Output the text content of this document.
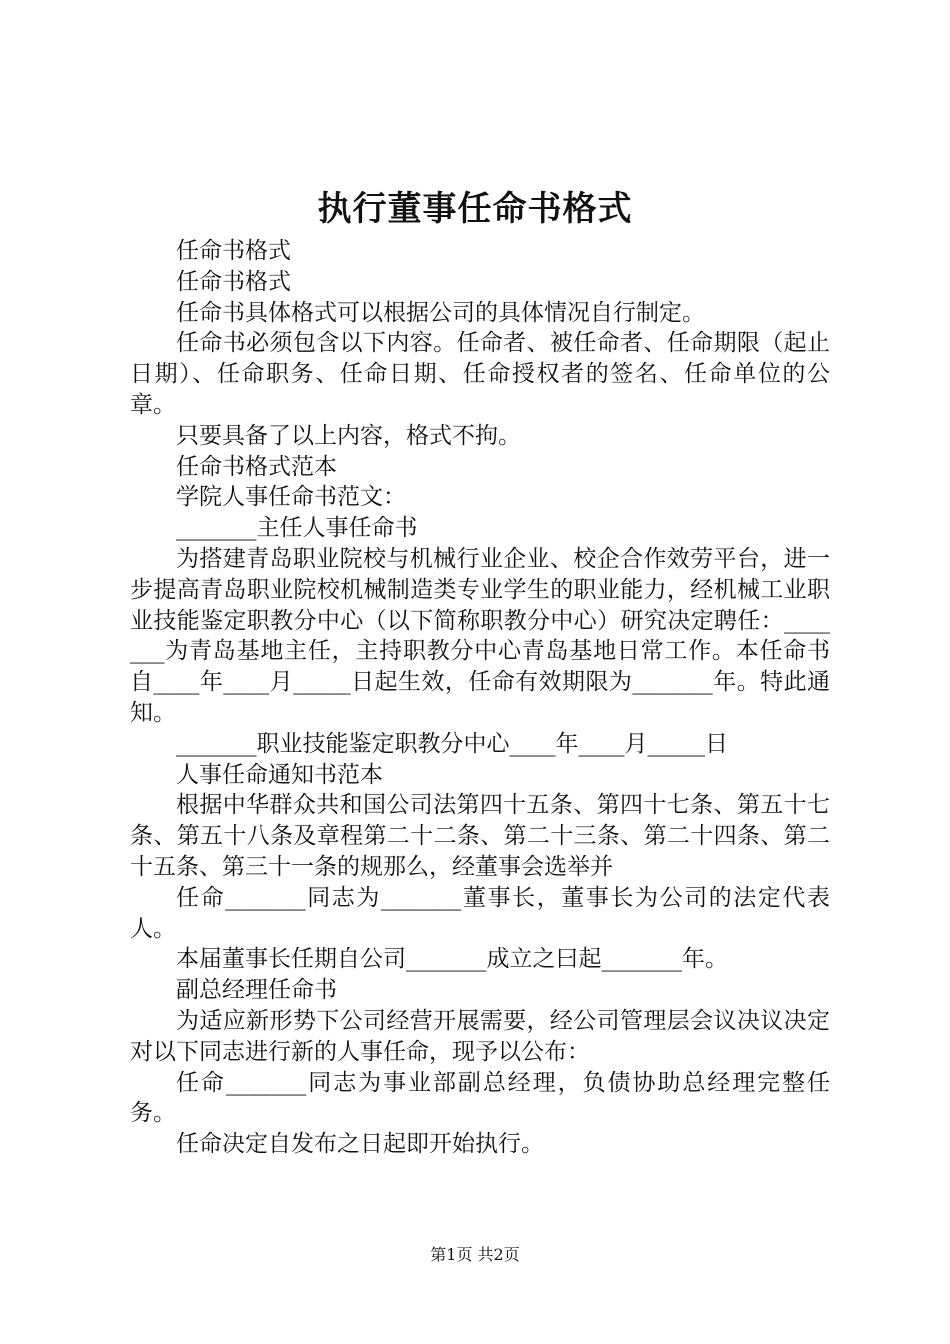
执行董事任命书格式

任命书格式

任命书格式

任命书具体格式可以根据公司的具体情况自行制定。

任命书必须包含以下内容。任命者、被任命者、任命期限（起止日期）、任命职务、任命日期、任命授权者的签名、任命单位的公章。

只要具备了以上内容，格式不拘。

任命书格式范本

学院人事任命书范文：

_______主任人事任命书

为搭建青岛职业院校与机械行业企业、校企合作效劳平台，进一步提高青岛职业院校机械制造类专业学生的职业能力，经机械工业职业技能鉴定职教分中心（以下简称职教分中心）研究决定聘任：_______为青岛基地主任，主持职教分中心青岛基地日常工作。本任命书自____年____月_____日起生效，任命有效期限为_______年。特此通知。

_______职业技能鉴定职教分中心____年____月_____日

人事任命通知书范本

根据中华群众共和国公司法第四十五条、第四十七条、第五十七条、第五十八条及章程第二十二条、第二十三条、第二十四条、第二十五条、第三十一条的规那么，经董事会选举并

任命_______同志为_______董事长，董事长为公司的法定代表人。

本届董事长任期自公司_______成立之曰起_______年。

副总经理任命书

为适应新形势下公司经营开展需要，经公司管理层会议决议决定对以下同志进行新的人事任命，现予以公布：

任命_______同志为事业部副总经理，负债协助总经理完整任务。

任命决定自发布之日起即开始执行。

第1页 共2页
